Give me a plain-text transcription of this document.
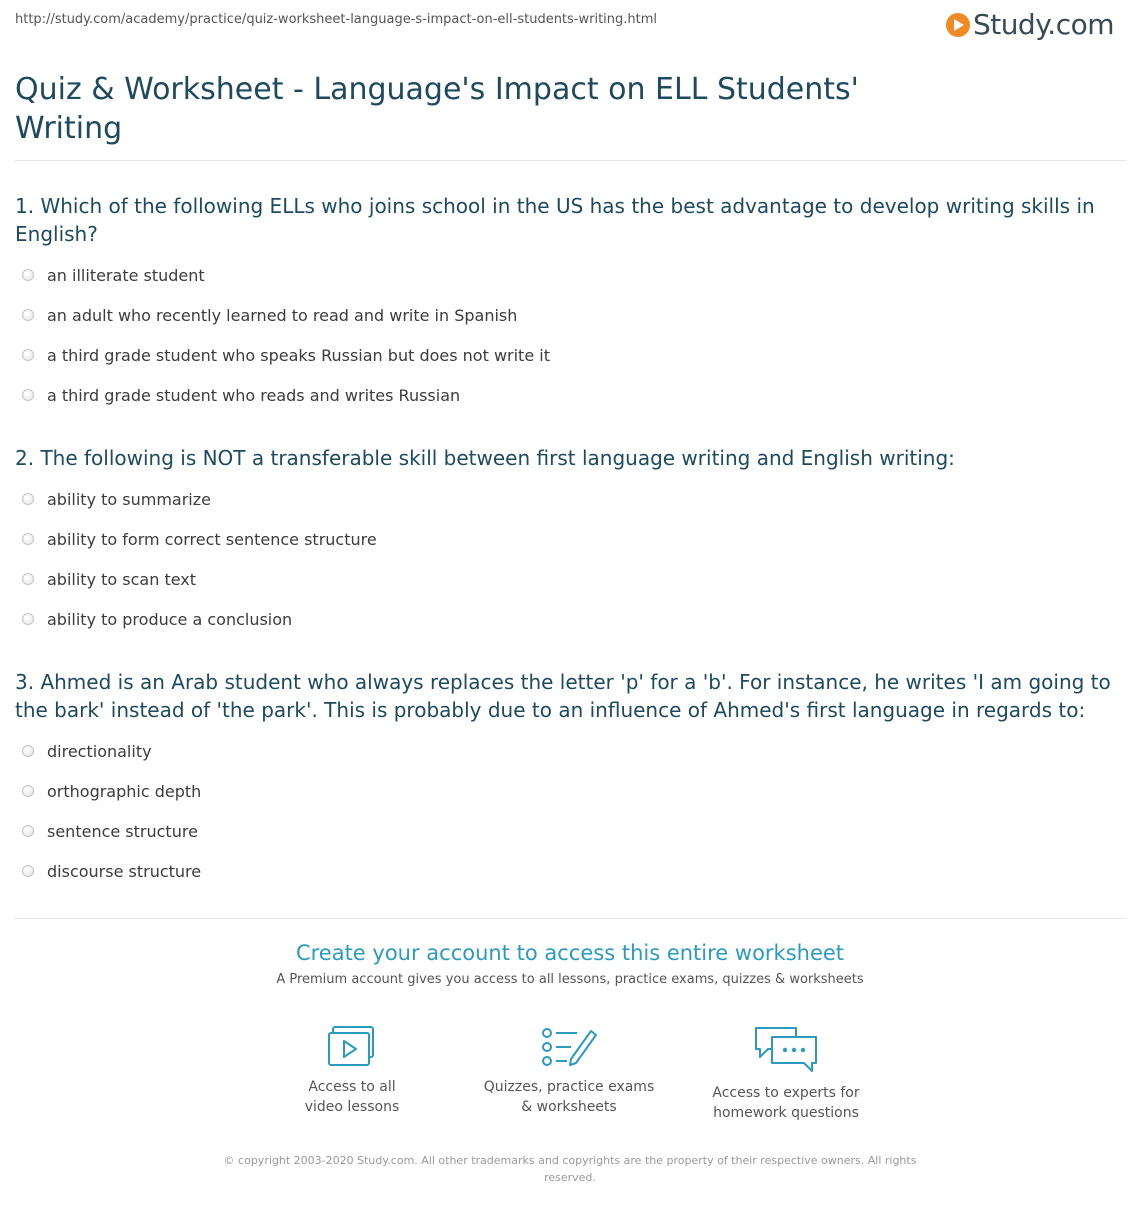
http://study.com/academy/practice/quiz-worksheet-language-s-impact-on-ell-students-writing.html	Study.com
Quiz & Worksheet - Language's Impact on ELL Students' Writing
1. Which of the following ELLs who joins school in the US has the best advantage to develop writing skills in English?
an illiterate student
an adult who recently learned to read and write in Spanish
a third grade student who speaks Russian but does not write it
a third grade student who reads and writes Russian
2. The following is NOT a transferable skill between first language writing and English writing:
ability to summarize
ability to form correct sentence structure
ability to scan text
ability to produce a conclusion
3. Ahmed is an Arab student who always replaces the letter 'p' for a 'b'. For instance, he writes 'I am going to the bark' instead of 'the park'. This is probably due to an influence of Ahmed's first language in regards to:
directionality
orthographic depth
sentence structure
discourse structure
Create your account to access this entire worksheet
A Premium account gives you access to all lessons, practice exams, quizzes & worksheets
Access to all
video lessons
Quizzes, practice exams
& worksheets
Access to experts for
homework questions
© copyright 2003-2020 Study.com. All other trademarks and copyrights are the property of their respective owners. All rights reserved.
